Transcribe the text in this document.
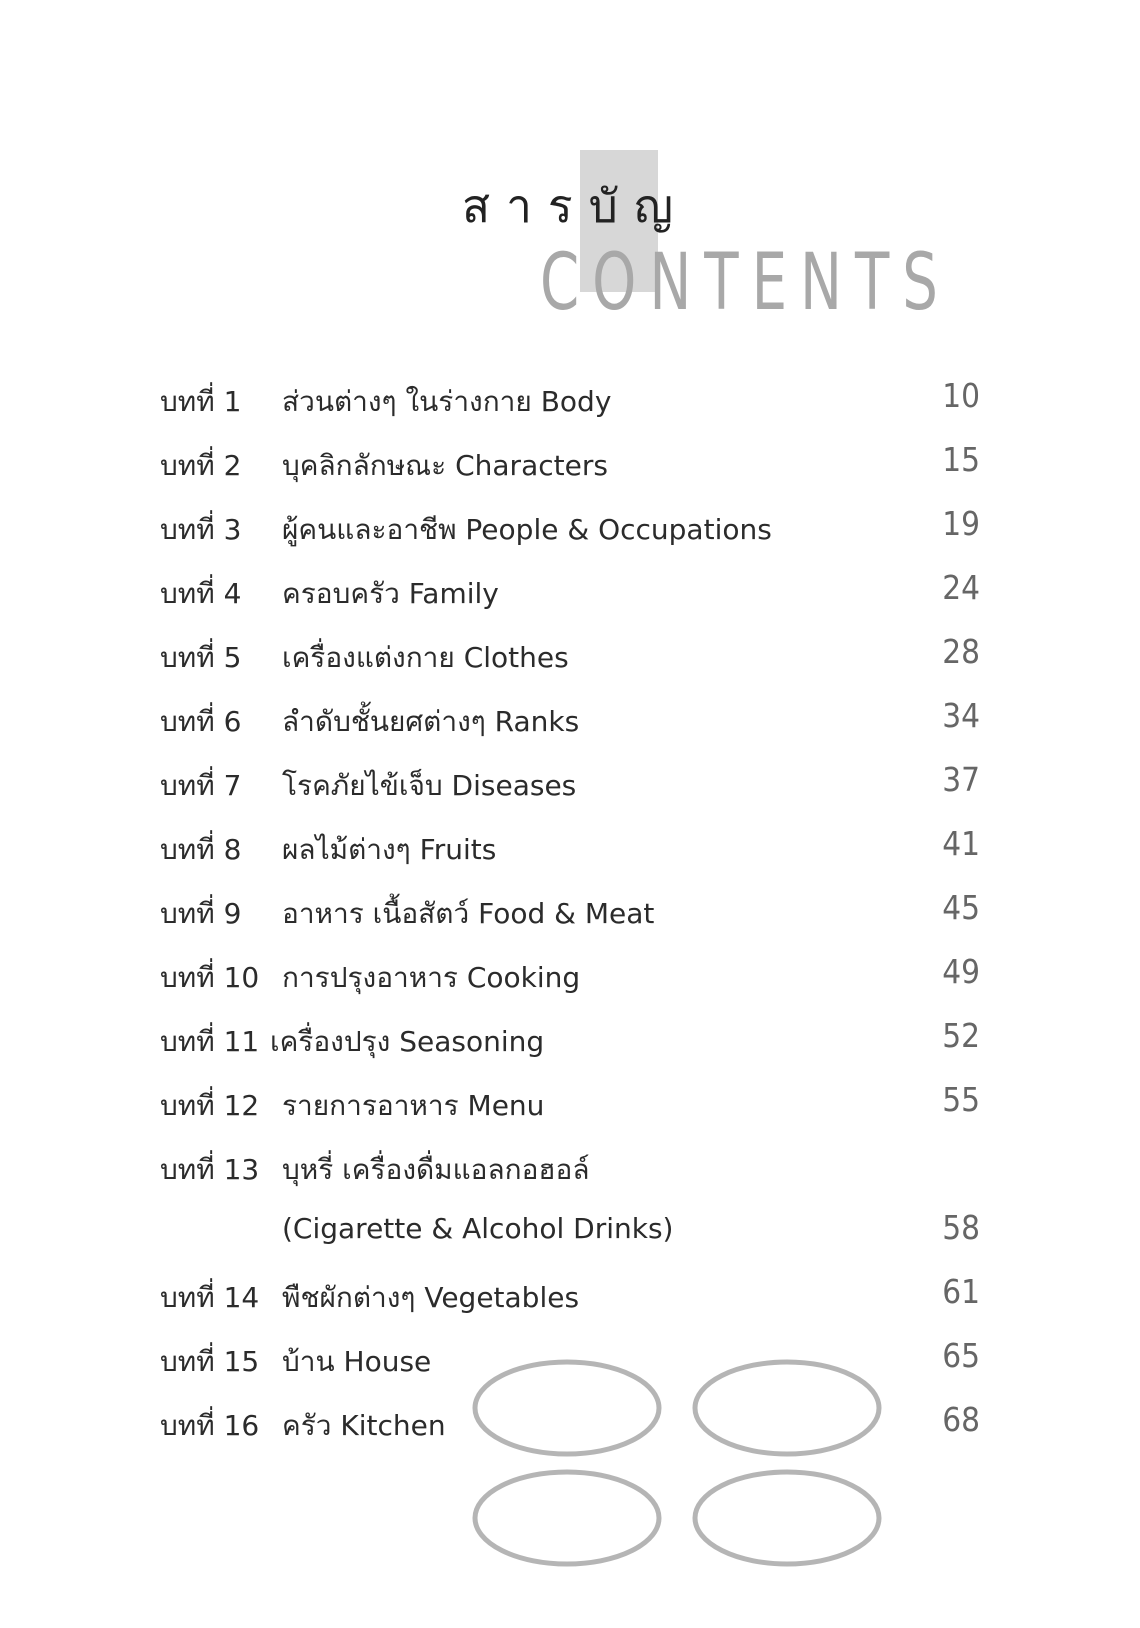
สารบัญ
CONTENTS
บทที่ 1 ส่วนต่างๆ ในร่างกาย Body	10
บทที่ 2 บุคลิกลักษณะ Characters	15
บทที่ 3 ผู้คนและอาชีพ People & Occupations	19
บทที่ 4 ครอบครัว Family	24
บทที่ 5 เครื่องแต่งกาย Clothes	28
บทที่ 6 ลำดับชั้นยศต่างๆ Ranks	34
บทที่ 7 โรคภัยไข้เจ็บ Diseases	37
บทที่ 8 ผลไม้ต่างๆ Fruits	41
บทที่ 9 อาหาร เนื้อสัตว์ Food & Meat	45
บทที่ 10 การปรุงอาหาร Cooking	49
บทที่ 11 เครื่องปรุง Seasoning	52
บทที่ 12 รายการอาหาร Menu	55
บทที่ 13 บุหรี่ เครื่องดื่มแอลกอฮอล์
(Cigarette & Alcohol Drinks)	58
บทที่ 14 พืชผักต่างๆ Vegetables	61
บทที่ 15 บ้าน House	65
บทที่ 16 ครัว Kitchen	68
